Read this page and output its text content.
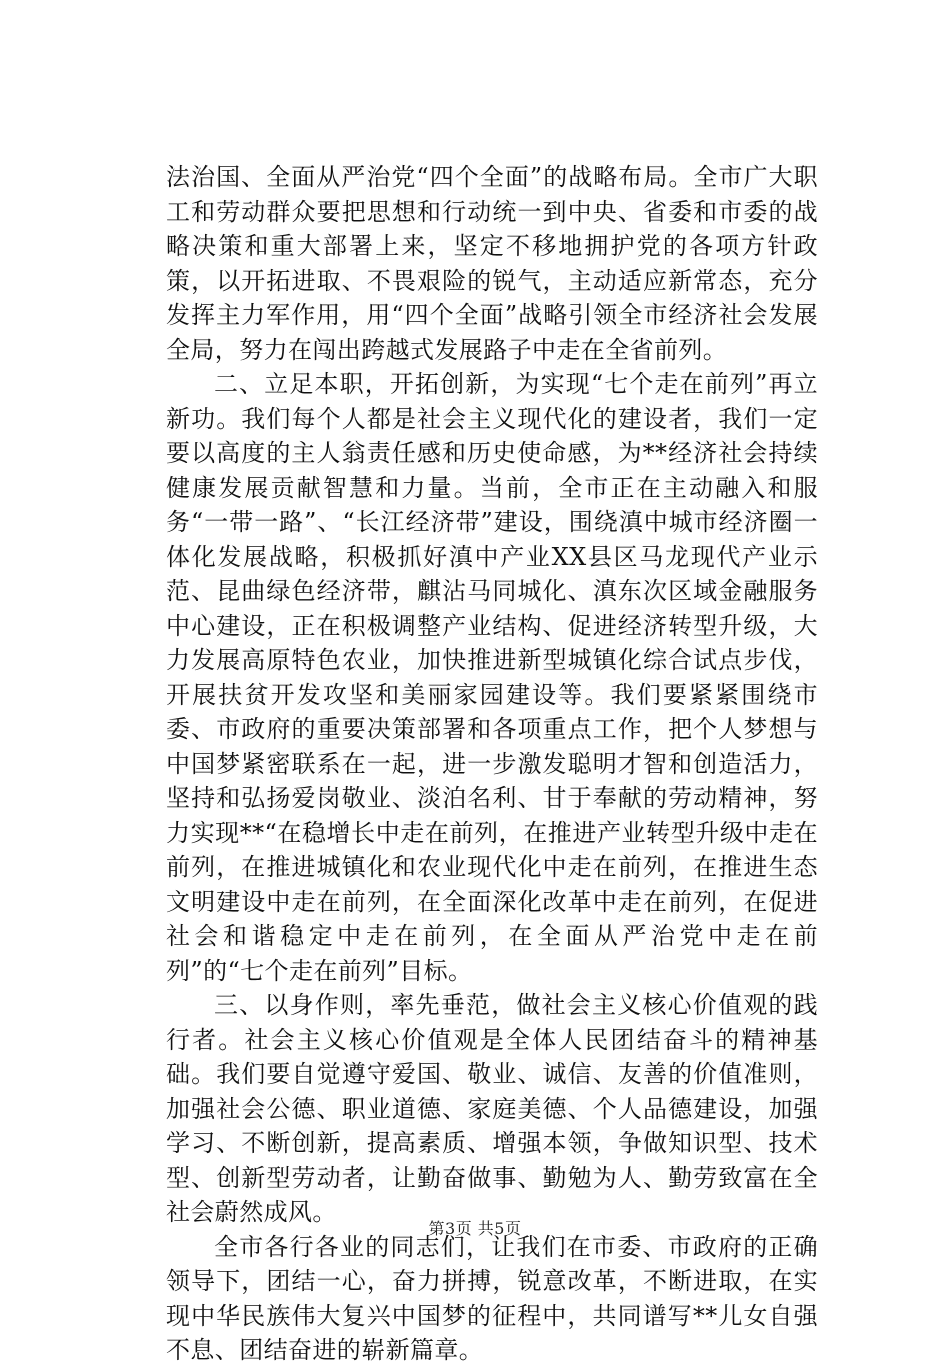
法治国、全面从严治党“四个全面”的战略布局。全市广大职工和劳动群众要把思想和行动统一到中央、省委和市委的战略决策和重大部署上来，坚定不移地拥护党的各项方针政策，以开拓进取、不畏艰险的锐气，主动适应新常态，充分发挥主力军作用，用“四个全面”战略引领全市经济社会发展全局，努力在闯出跨越式发展路子中走在全省前列。

二、立足本职，开拓创新，为实现“七个走在前列”再立新功。我们每个人都是社会主义现代化的建设者，我们一定要以高度的主人翁责任感和历史使命感，为**经济社会持续健康发展贡献智慧和力量。当前，全市正在主动融入和服务“一带一路”、“长江经济带”建设，围绕滇中城市经济圈一体化发展战略，积极抓好滇中产业XX县区马龙现代产业示范、昆曲绿色经济带，麒沾马同城化、滇东次区域金融服务中心建设，正在积极调整产业结构、促进经济转型升级，大力发展高原特色农业，加快推进新型城镇化综合试点步伐，开展扶贫开发攻坚和美丽家园建设等。我们要紧紧围绕市委、市政府的重要决策部署和各项重点工作，把个人梦想与中国梦紧密联系在一起，进一步激发聪明才智和创造活力，坚持和弘扬爱岗敬业、淡泊名利、甘于奉献的劳动精神，努力实现**“在稳增长中走在前列，在推进产业转型升级中走在前列，在推进城镇化和农业现代化中走在前列，在推进生态文明建设中走在前列，在全面深化改革中走在前列，在促进社会和谐稳定中走在前列，在全面从严治党中走在前列”的“七个走在前列”目标。

三、以身作则，率先垂范，做社会主义核心价值观的践行者。社会主义核心价值观是全体人民团结奋斗的精神基础。我们要自觉遵守爱国、敬业、诚信、友善的价值准则，加强社会公德、职业道德、家庭美德、个人品德建设，加强学习、不断创新，提高素质、增强本领，争做知识型、技术型、创新型劳动者，让勤奋做事、勤勉为人、勤劳致富在全社会蔚然成风。

全市各行各业的同志们，让我们在市委、市政府的正确领导下，团结一心，奋力拼搏，锐意改革，不断进取，在实现中华民族伟大复兴中国梦的征程中，共同谱写**儿女自强不息、团结奋进的崭新篇章。

第3页 共5页
